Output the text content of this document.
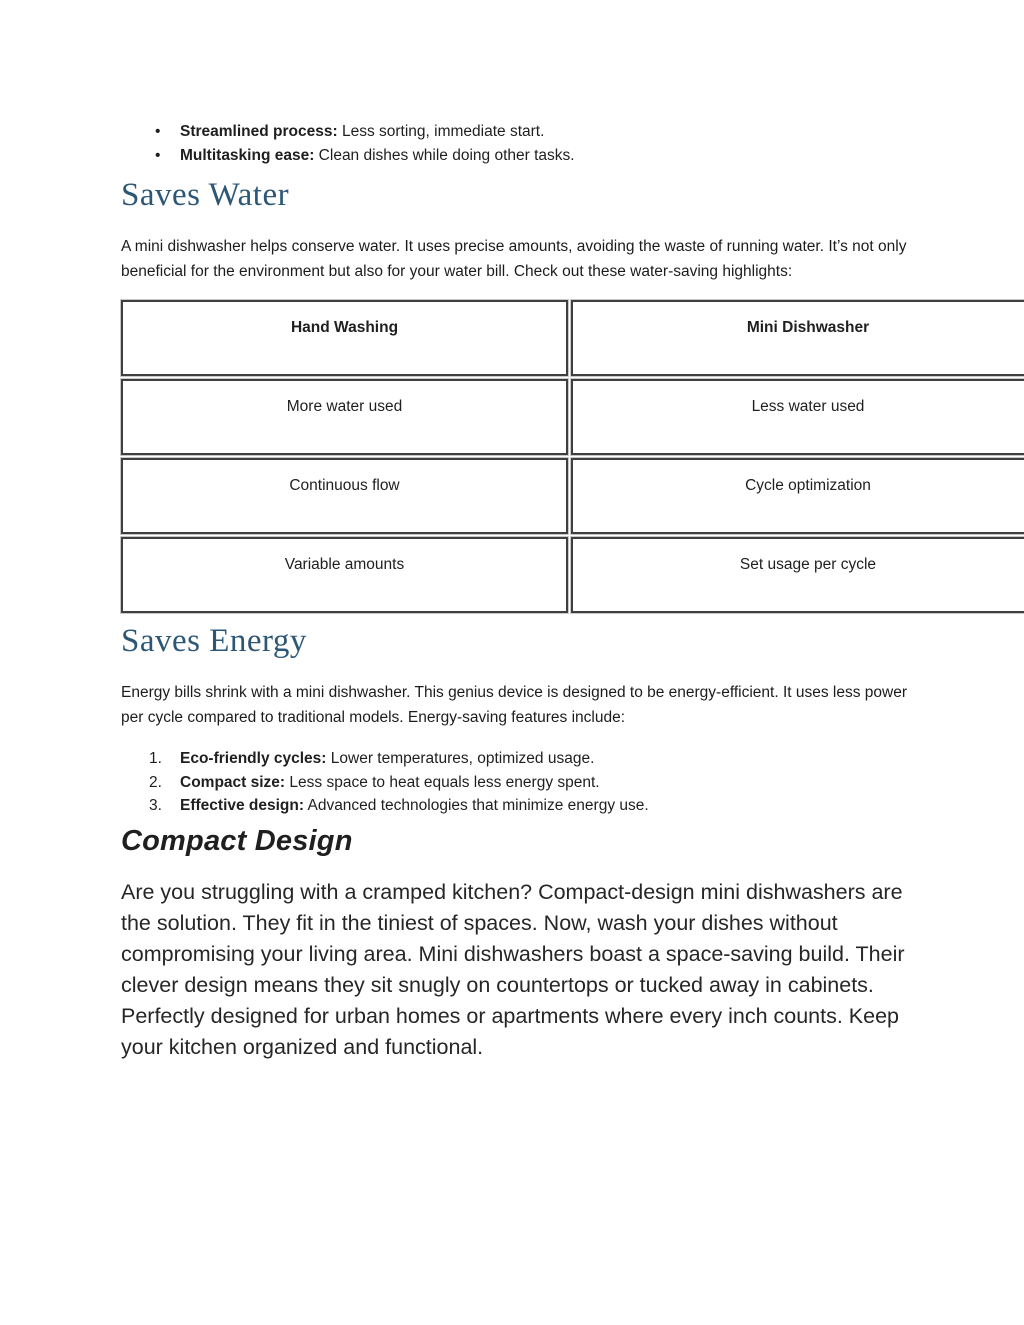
• Streamlined process: Less sorting, immediate start.
• Multitasking ease: Clean dishes while doing other tasks.
Saves Water

A mini dishwasher helps conserve water. It uses precise amounts, avoiding the waste of running water. It’s not only beneficial for the environment but also for your water bill. Check out these water-saving highlights:

Hand Washing	Mini Dishwasher
More water used	Less water used
Continuous flow	Cycle optimization
Variable amounts	Set usage per cycle
Saves Energy

Energy bills shrink with a mini dishwasher. This genius device is designed to be energy-efficient. It uses less power per cycle compared to traditional models. Energy-saving features include:

1. Eco-friendly cycles: Lower temperatures, optimized usage.
2. Compact size: Less space to heat equals less energy spent.
3. Effective design: Advanced technologies that minimize energy use.
Compact Design

Are you struggling with a cramped kitchen? Compact-design mini dishwashers are the solution. They fit in the tiniest of spaces. Now, wash your dishes without compromising your living area. Mini dishwashers boast a space-saving build. Their clever design means they sit snugly on countertops or tucked away in cabinets. Perfectly designed for urban homes or apartments where every inch counts. Keep your kitchen organized and functional.
